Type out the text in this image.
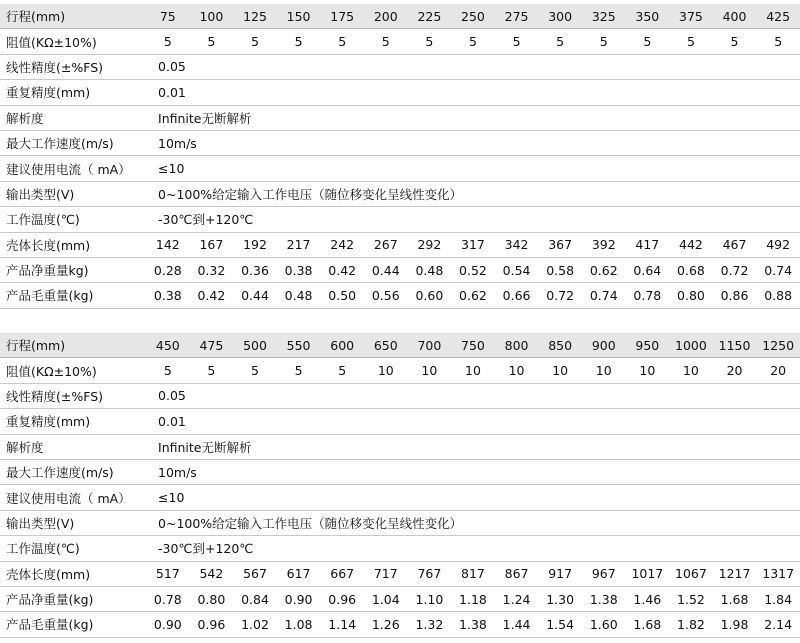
行程(mm)	75	100	125	150	175	200	225	250	275	300	325	350	375	400	425
阻值(KΩ±10%)	5	5	5	5	5	5	5	5	5	5	5	5	5	5	5
线性精度(±%FS)	0.05														
重复精度(mm)	0.01														
解析度	Infinite无断解析														
最大工作速度(m/s)	10m/s														
建议使用电流（ mA）	≤10														
输出类型(V)	0~100%给定输入工作电压（随位移变化呈线性变化）														
工作温度(℃)	-30℃到+120℃														
壳体长度(mm)	142	167	192	217	242	267	292	317	342	367	392	417	442	467	492
产品净重量kg)	0.28	0.32	0.36	0.38	0.42	0.44	0.48	0.52	0.54	0.58	0.62	0.64	0.68	0.72	0.74
产品毛重量(kg)	0.38	0.42	0.44	0.48	0.50	0.56	0.60	0.62	0.66	0.72	0.74	0.78	0.80	0.86	0.88
行程(mm)	450	475	500	550	600	650	700	750	800	850	900	950	1000	1150	1250
阻值(KΩ±10%)	5	5	5	5	5	10	10	10	10	10	10	10	10	20	20
线性精度(±%FS)	0.05														
重复精度(mm)	0.01														
解析度	Infinite无断解析														
最大工作速度(m/s)	10m/s														
建议使用电流（ mA）	≤10														
输出类型(V)	0~100%给定输入工作电压（随位移变化呈线性变化）														
工作温度(℃)	-30℃到+120℃														
壳体长度(mm)	517	542	567	617	667	717	767	817	867	917	967	1017	1067	1217	1317
产品净重量(kg)	0.78	0.80	0.84	0.90	0.96	1.04	1.10	1.18	1.24	1.30	1.38	1.46	1.52	1.68	1.84
产品毛重量(kg)	0.90	0.96	1.02	1.08	1.14	1.26	1.32	1.38	1.44	1.54	1.60	1.68	1.82	1.98	2.14
